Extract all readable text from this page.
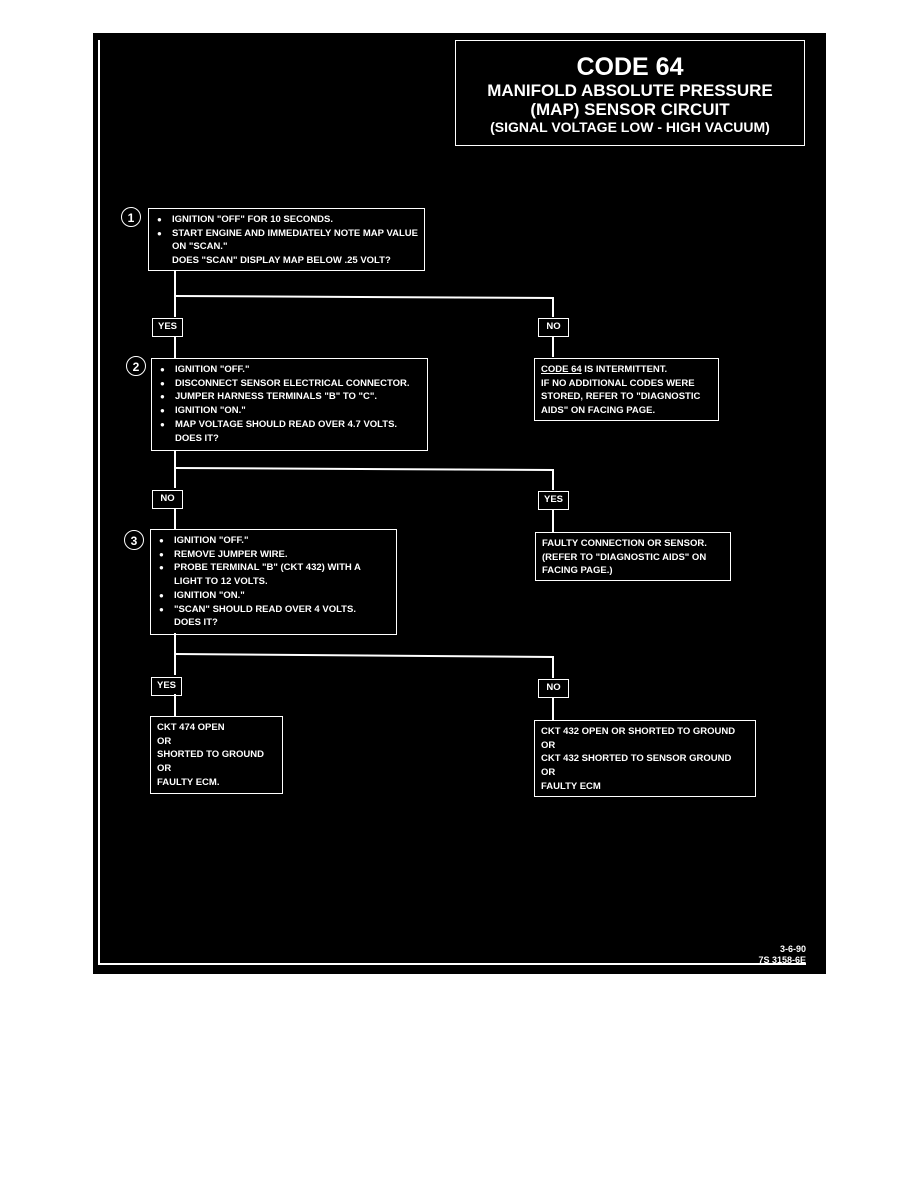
CODE 64
MANIFOLD ABSOLUTE PRESSURE
(MAP) SENSOR CIRCUIT
(SIGNAL VOLTAGE LOW - HIGH VACUUM)
1	● IGNITION "OFF" FOR 10 SECONDS.
● START ENGINE AND IMMEDIATELY NOTE MAP VALUE ON "SCAN."

DOES "SCAN" DISPLAY MAP BELOW .25 VOLT?

YES	NO
2	● IGNITION "OFF."
● DISCONNECT SENSOR ELECTRICAL CONNECTOR.
● JUMPER HARNESS TERMINALS "B" TO "C".
● IGNITION "ON."
● MAP VOLTAGE SHOULD READ OVER 4.7 VOLTS.

DOES IT?

CODE 64 IS INTERMITTENT.

IF NO ADDITIONAL CODES WERE

STORED, REFER TO "DIAGNOSTIC

AIDS" ON FACING PAGE.

NO	YES
3	● IGNITION "OFF."
● REMOVE JUMPER WIRE.
● PROBE TERMINAL "B" (CKT 432) WITH A LIGHT TO 12 VOLTS.
● IGNITION "ON."
● "SCAN" SHOULD READ OVER 4 VOLTS.

DOES IT?

FAULTY CONNECTION OR SENSOR.

(REFER TO "DIAGNOSTIC AIDS" ON

FACING PAGE.)

YES	NO

CKT 474 OPEN

OR

SHORTED TO GROUND

OR

FAULTY ECM.

CKT 432 OPEN OR SHORTED TO GROUND

OR

CKT 432 SHORTED TO SENSOR GROUND

OR

FAULTY ECM

3-6-90
7S 3158-6E
